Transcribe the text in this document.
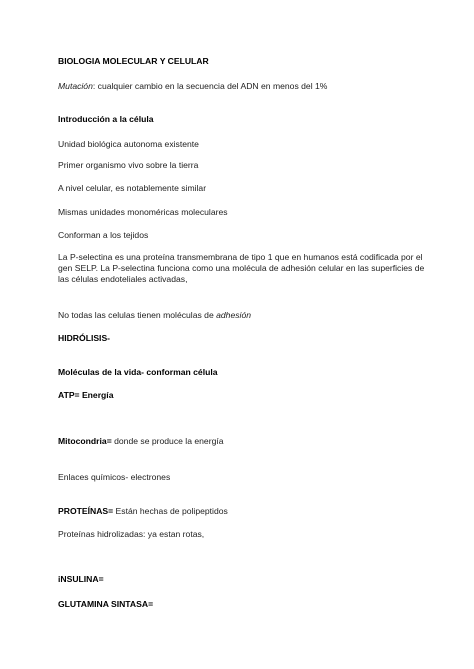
BIOLOGIA MOLECULAR Y CELULAR
Mutación: cualquier cambio en la secuencia del ADN en menos del 1%
Introducción a la célula
Unidad biológica autonoma existente
Primer organismo vivo sobre la tierra
A nivel celular, es notablemente similar
Mismas unidades monoméricas moleculares
Conforman a los tejidos
La P-selectina es una proteína transmembrana de tipo 1 que en humanos está codificada por el
gen SELP. La P-selectina funciona como una molécula de adhesión celular en las superficies de
las células endoteliales activadas,
No todas las celulas tienen moléculas de adhesión
HIDRÓLISIS-
Moléculas de la vida- conforman célula
ATP= Energía
Mitocondria= donde se produce la energía
Enlaces químicos- electrones
PROTEÍNAS= Están hechas de polipeptidos
Proteínas hidrolizadas: ya estan rotas,
iNSULINA=
GLUTAMINA SINTASA=
